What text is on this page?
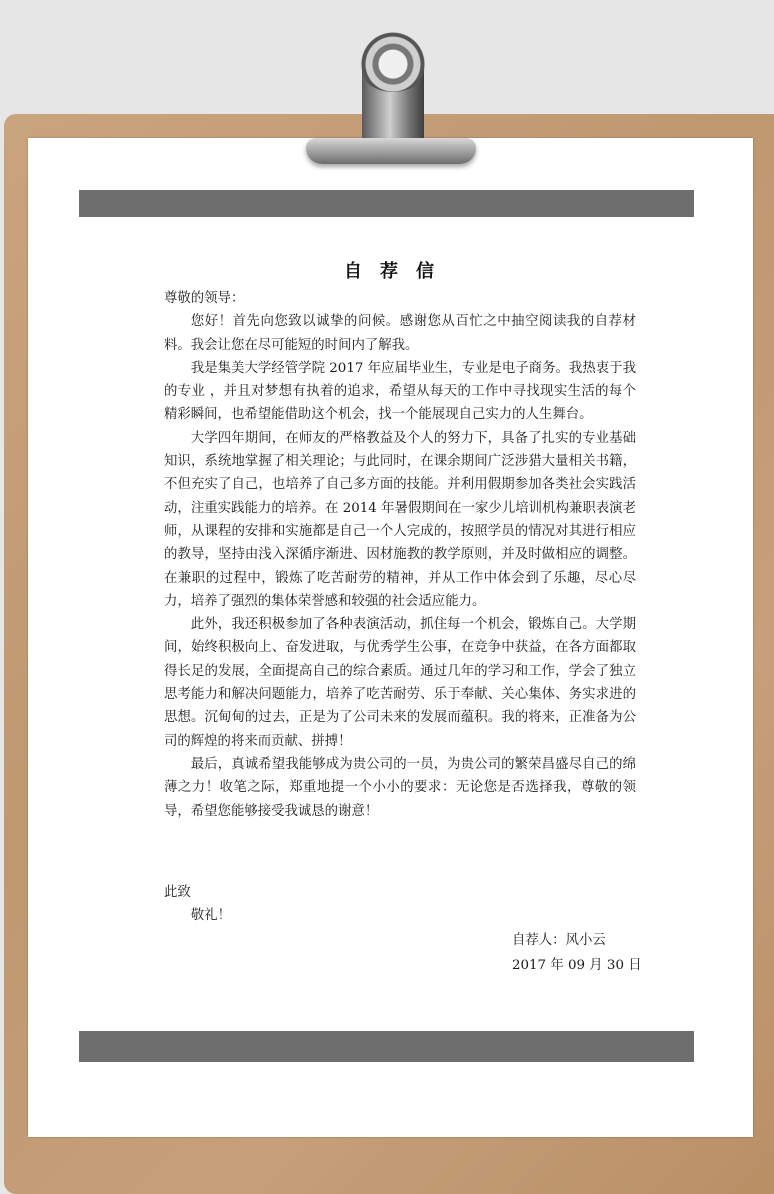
自荐信

尊敬的领导：

您好！首先向您致以诚挚的问候。感谢您从百忙之中抽空阅读我的自荐材料。我会让您在尽可能短的时间内了解我。

我是集美大学经管学院 2017 年应届毕业生，专业是电子商务。我热衷于我的专业 ，并且对梦想有执着的追求，希望从每天的工作中寻找现实生活的每个精彩瞬间，也希望能借助这个机会，找一个能展现自己实力的人生舞台。

大学四年期间，在师友的严格教益及个人的努力下，具备了扎实的专业基础知识，系统地掌握了相关理论；与此同时，在课余期间广泛涉猎大量相关书籍，不但充实了自己，也培养了自己多方面的技能。并利用假期参加各类社会实践活动，注重实践能力的培养。在 2014 年暑假期间在一家少儿培训机构兼职表演老师，从课程的安排和实施都是自己一个人完成的，按照学员的情况对其进行相应的教导，坚持由浅入深循序渐进、因材施教的教学原则，并及时做相应的调整。在兼职的过程中，锻炼了吃苦耐劳的精神，并从工作中体会到了乐趣，尽心尽力，培养了强烈的集体荣誉感和较强的社会适应能力。

此外，我还积极参加了各种表演活动，抓住每一个机会，锻炼自己。大学期间，始终积极向上、奋发进取，与优秀学生公事，在竞争中获益，在各方面都取得长足的发展，全面提高自己的综合素质。通过几年的学习和工作，学会了独立思考能力和解决问题能力，培养了吃苦耐劳、乐于奉献、关心集体、务实求进的思想。沉甸甸的过去，正是为了公司未来的发展而蕴积。我的将来，正准备为公司的辉煌的将来而贡献、拼搏！

最后，真诚希望我能够成为贵公司的一员，为贵公司的繁荣昌盛尽自己的绵薄之力！收笔之际，郑重地提一个小小的要求：无论您是否选择我，尊敬的领导，希望您能够接受我诚恳的谢意！

此致
敬礼！
自荐人：风小云
2017 年 09 月 30 日
